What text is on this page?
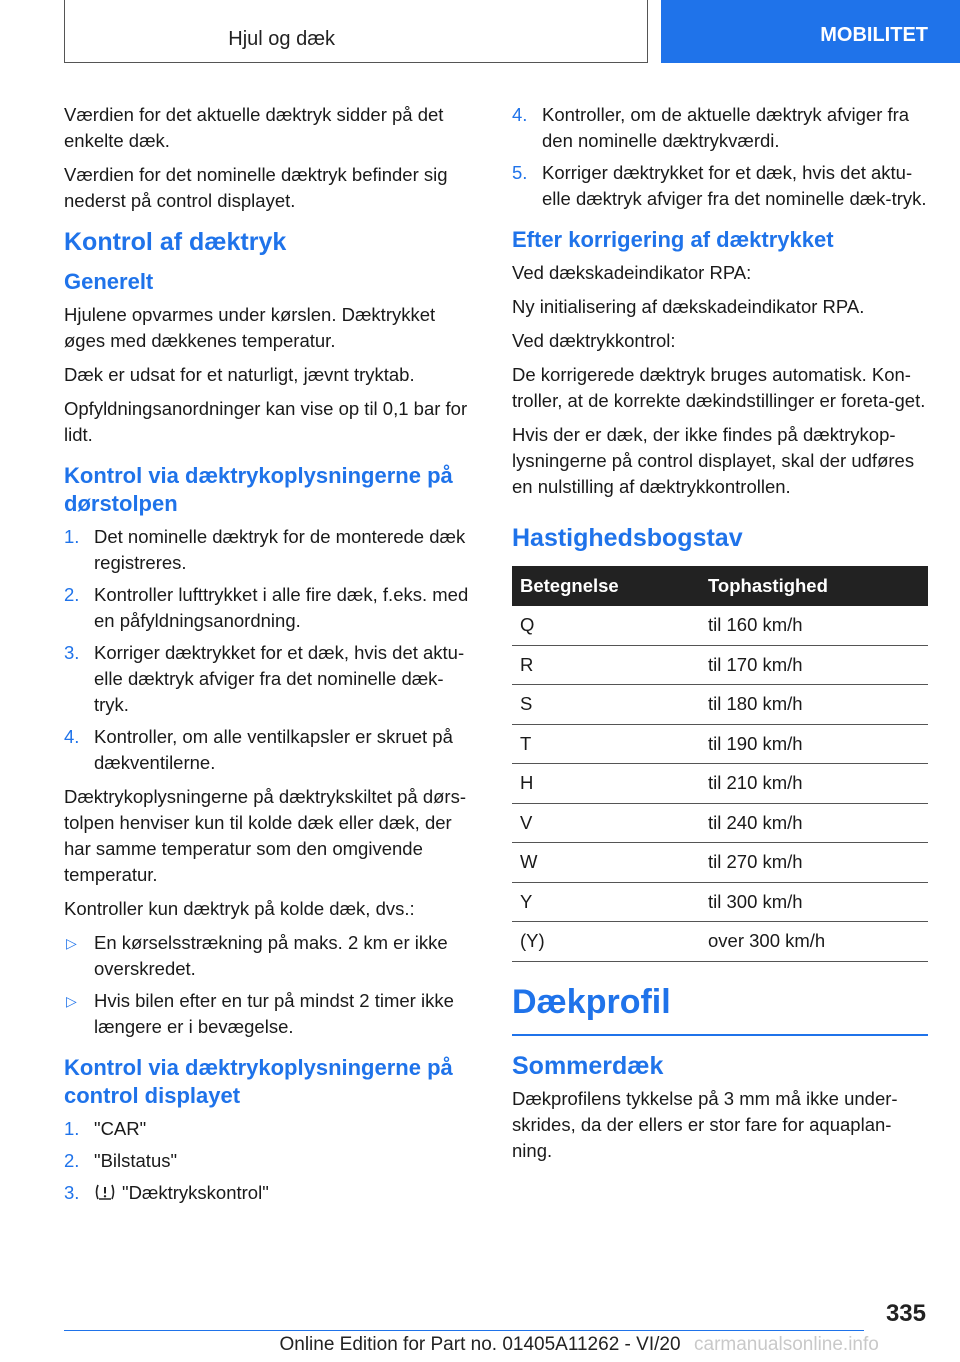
Hjul og dæk	MOBILITET

Værdien for det aktuelle dæktryk sidder på det enkelte dæk.

Værdien for det nominelle dæktryk befinder sig nederst på control displayet.

Kontrol af dæktryk
Generelt

Hjulene opvarmes under kørslen. Dæktrykket øges med dækkenes temperatur.

Dæk er udsat for et naturligt, jævnt tryktab.

Opfyldningsanordninger kan vise op til 0,1 bar for lidt.

Kontrol via dæktrykoplysningerne på dørstolpen
1. Det nominelle dæktryk for de monterede dæk registreres.
2. Kontroller lufttrykket i alle fire dæk, f.eks. med en påfyldningsanordning.
3. Korriger dæktrykket for et dæk, hvis det aktu-elle dæktryk afviger fra det nominelle dæk-tryk.
4. Kontroller, om alle ventilkapsler er skruet på dækventilerne.

Dæktrykoplysningerne på dæktrykskiltet på dørs-tolpen henviser kun til kolde dæk eller dæk, der har samme temperatur som den omgivende temperatur.

Kontroller kun dæktryk på kolde dæk, dvs.:

▷ En kørselsstrækning på maks. 2 km er ikke overskredet.
▷ Hvis bilen efter en tur på mindst 2 timer ikke længere er i bevægelse.
Kontrol via dæktrykoplysningerne på control displayet
1. "CAR"
2. "Bilstatus"
3. "Dæktrykskontrol"
4. Kontroller, om de aktuelle dæktryk afviger fra den nominelle dæktrykværdi.
5. Korriger dæktrykket for et dæk, hvis det aktu-elle dæktryk afviger fra det nominelle dæk-tryk.
Efter korrigering af dæktrykket

Ved dækskadeindikator RPA:

Ny initialisering af dækskadeindikator RPA.

Ved dæktrykkontrol:

De korrigerede dæktryk bruges automatisk. Kon-troller, at de korrekte dækindstillinger er foreta-get.

Hvis der er dæk, der ikke findes på dæktrykop-lysningerne på control displayet, skal der udføres en nulstilling af dæktrykkontrollen.

Hastighedsbogstav
Betegnelse	Tophastighed
Q	til 160 km/h
R	til 170 km/h
S	til 180 km/h
T	til 190 km/h
H	til 210 km/h
V	til 240 km/h
W	til 270 km/h
Y	til 300 km/h
(Y)	over 300 km/h
Dækprofil
Sommerdæk

Dækprofilens tykkelse på 3 mm må ikke under-skrides, da der ellers er stor fare for aquaplan-ning.

335
Online Edition for Part no. 01405A11262 - VI/20 carmanualsonline.info
